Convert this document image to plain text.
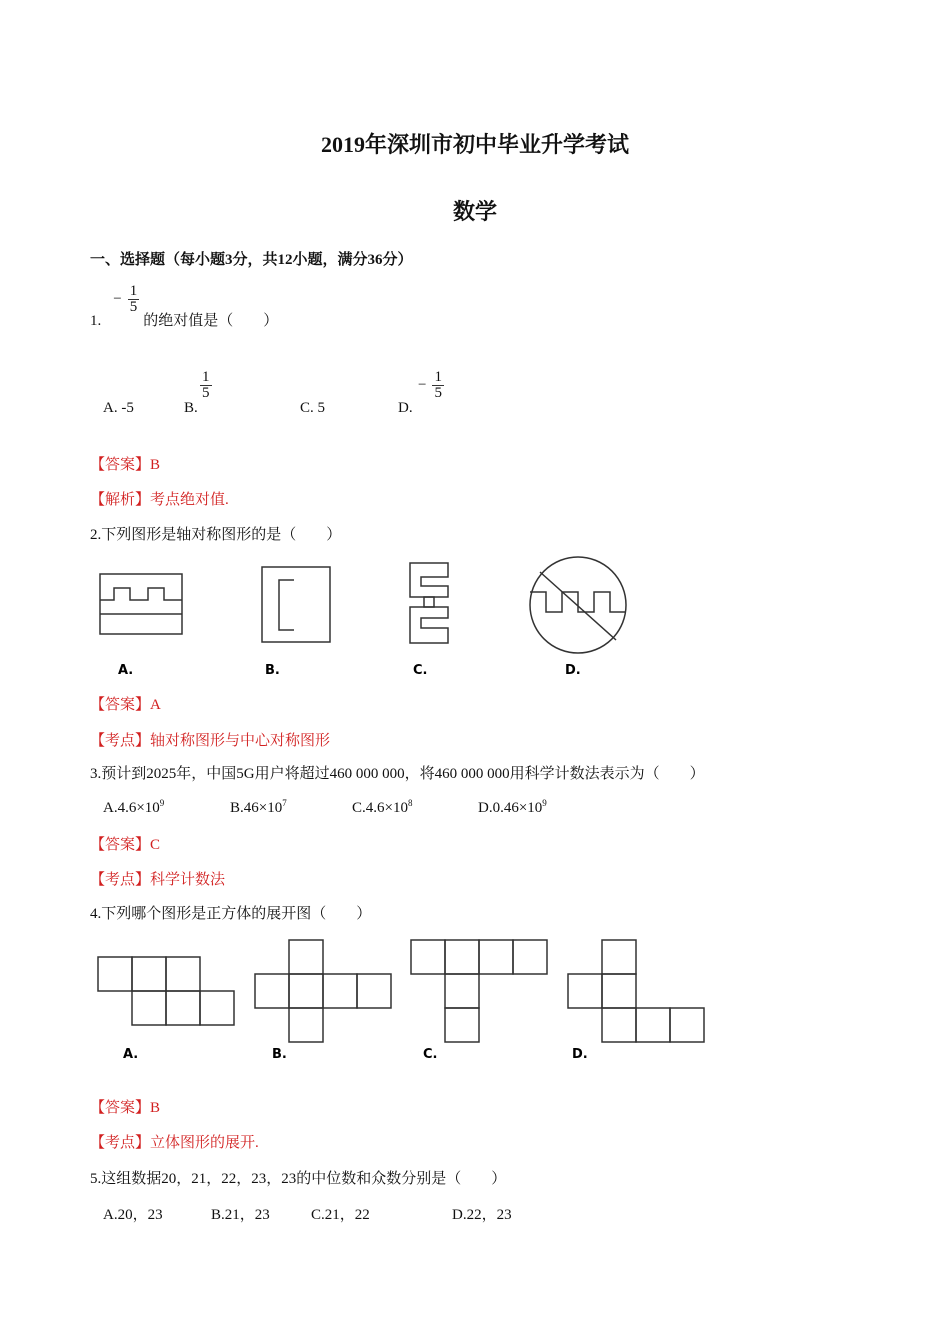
2019年深圳市初中毕业升学考试
数学
一、选择题（每小题3分，共12小题，满分36分）
1. − $\frac{1}{5}$
的绝对值是（　　）
A. -5	B.
$\frac{1}{5}$
C. 5	D.
− $\frac{1}{5}$
【答案】B
【解析】考点绝对值.
2.下列图形是轴对称图形的是（　　）
A.	B.	C.	D.
【答案】A
【考点】轴对称图形与中心对称图形
3.预计到2025年，中国5G用户将超过460 000 000，将460 000 000用科学计数法表示为（　　）
$A.4.6\times 10^9$	$B.46\times 10^7$	$C.4.6\times 10^8$	$D.0.46\times 10^9$
【答案】C
【考点】科学计数法
4.下列哪个图形是正方体的展开图（　　）
A.	B.	C.	D.
【答案】B
【考点】立体图形的展开.
5.这组数据20，21，22，23，23的中位数和众数分别是（　　）
A.20，23	B.21，23	C.21，22	D.22，23
